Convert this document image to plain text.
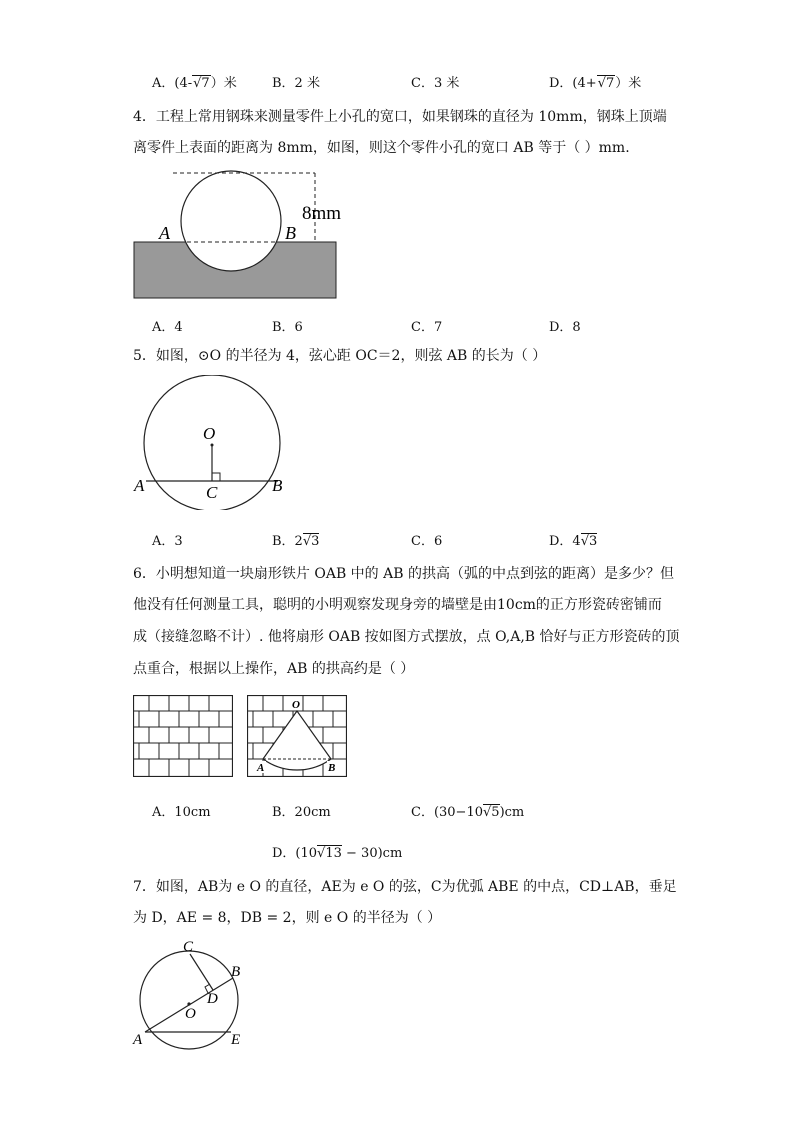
A．(4-√7）米	B．2 米	C．3 米	D．(4+√7）米
4．工程上常用钢珠来测量零件上小孔的宽口，如果钢珠的直径为 10mm，钢珠上顶端
离零件上表面的距离为 8mm，如图，则这个零件小孔的宽口 AB 等于（ ）mm.
8mm
A	B
A．4	B．6	C．7	D．8
5．如图，⊙O 的半径为 4，弦心距 OC＝2，则弦 AB 的长为（ ）
O
C
A	B
A．3	B．2√3	C．6	D．4√3
6．小明想知道一块扇形铁片 OAB 中的 AB 的拱高（弧的中点到弦的距离）是多少？但
他没有任何测量工具，聪明的小明观察发现身旁的墙壁是由10cm的正方形瓷砖密铺而
成（接缝忽略不计）. 他将扇形 OAB 按如图方式摆放，点 O,A,B 恰好与正方形瓷砖的顶
点重合，根据以上操作，AB 的拱高约是（ ）
O
A	B
A．10cm	B．20cm	C．(30−10√5)cm
D．(10√13 − 30)cm
7．如图，AB为 e O 的直径，AE为 e O 的弦，C为优弧 ABE 的中点，CD⊥AB，垂足
为 D，AE = 8，DB = 2，则 e O 的半径为（ ）
C
B
D
O
A	E
